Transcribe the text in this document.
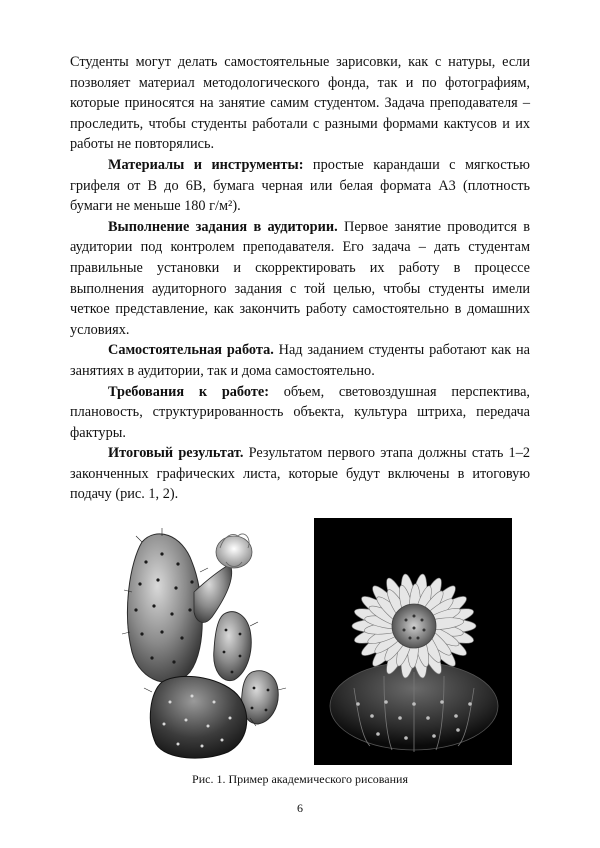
Студенты могут делать самостоятельные зарисовки, как с натуры, если позволяет материал методологического фонда, так и по фотографиям, которые приносятся на занятие самим студентом. Задача преподавателя – проследить, чтобы студенты работали с разными формами кактусов и их работы не повторялись.

Материалы и инструменты: простые карандаши с мягкостью грифеля от В до 6В, бумага черная или белая формата А3 (плотность бумаги не меньше 180 г/м²).

Выполнение задания в аудитории. Первое занятие проводится в аудитории под контролем преподавателя. Его задача – дать студентам правильные установки и скорректировать их работу в процессе выполнения аудиторного задания с той целью, чтобы студенты имели четкое представление, как закончить работу самостоятельно в домашних условиях.

Самостоятельная работа. Над заданием студенты работают как на занятиях в аудитории, так и дома самостоятельно.

Требования к работе: объем, световоздушная перспектива, плановость, структурированность объекта, культура штриха, передача фактуры.

Итоговый результат. Результатом первого этапа должны стать 1–2 законченных графических листа, которые будут включены в итоговую подачу (рис. 1, 2).

Рис. 1. Пример академического рисования
6
